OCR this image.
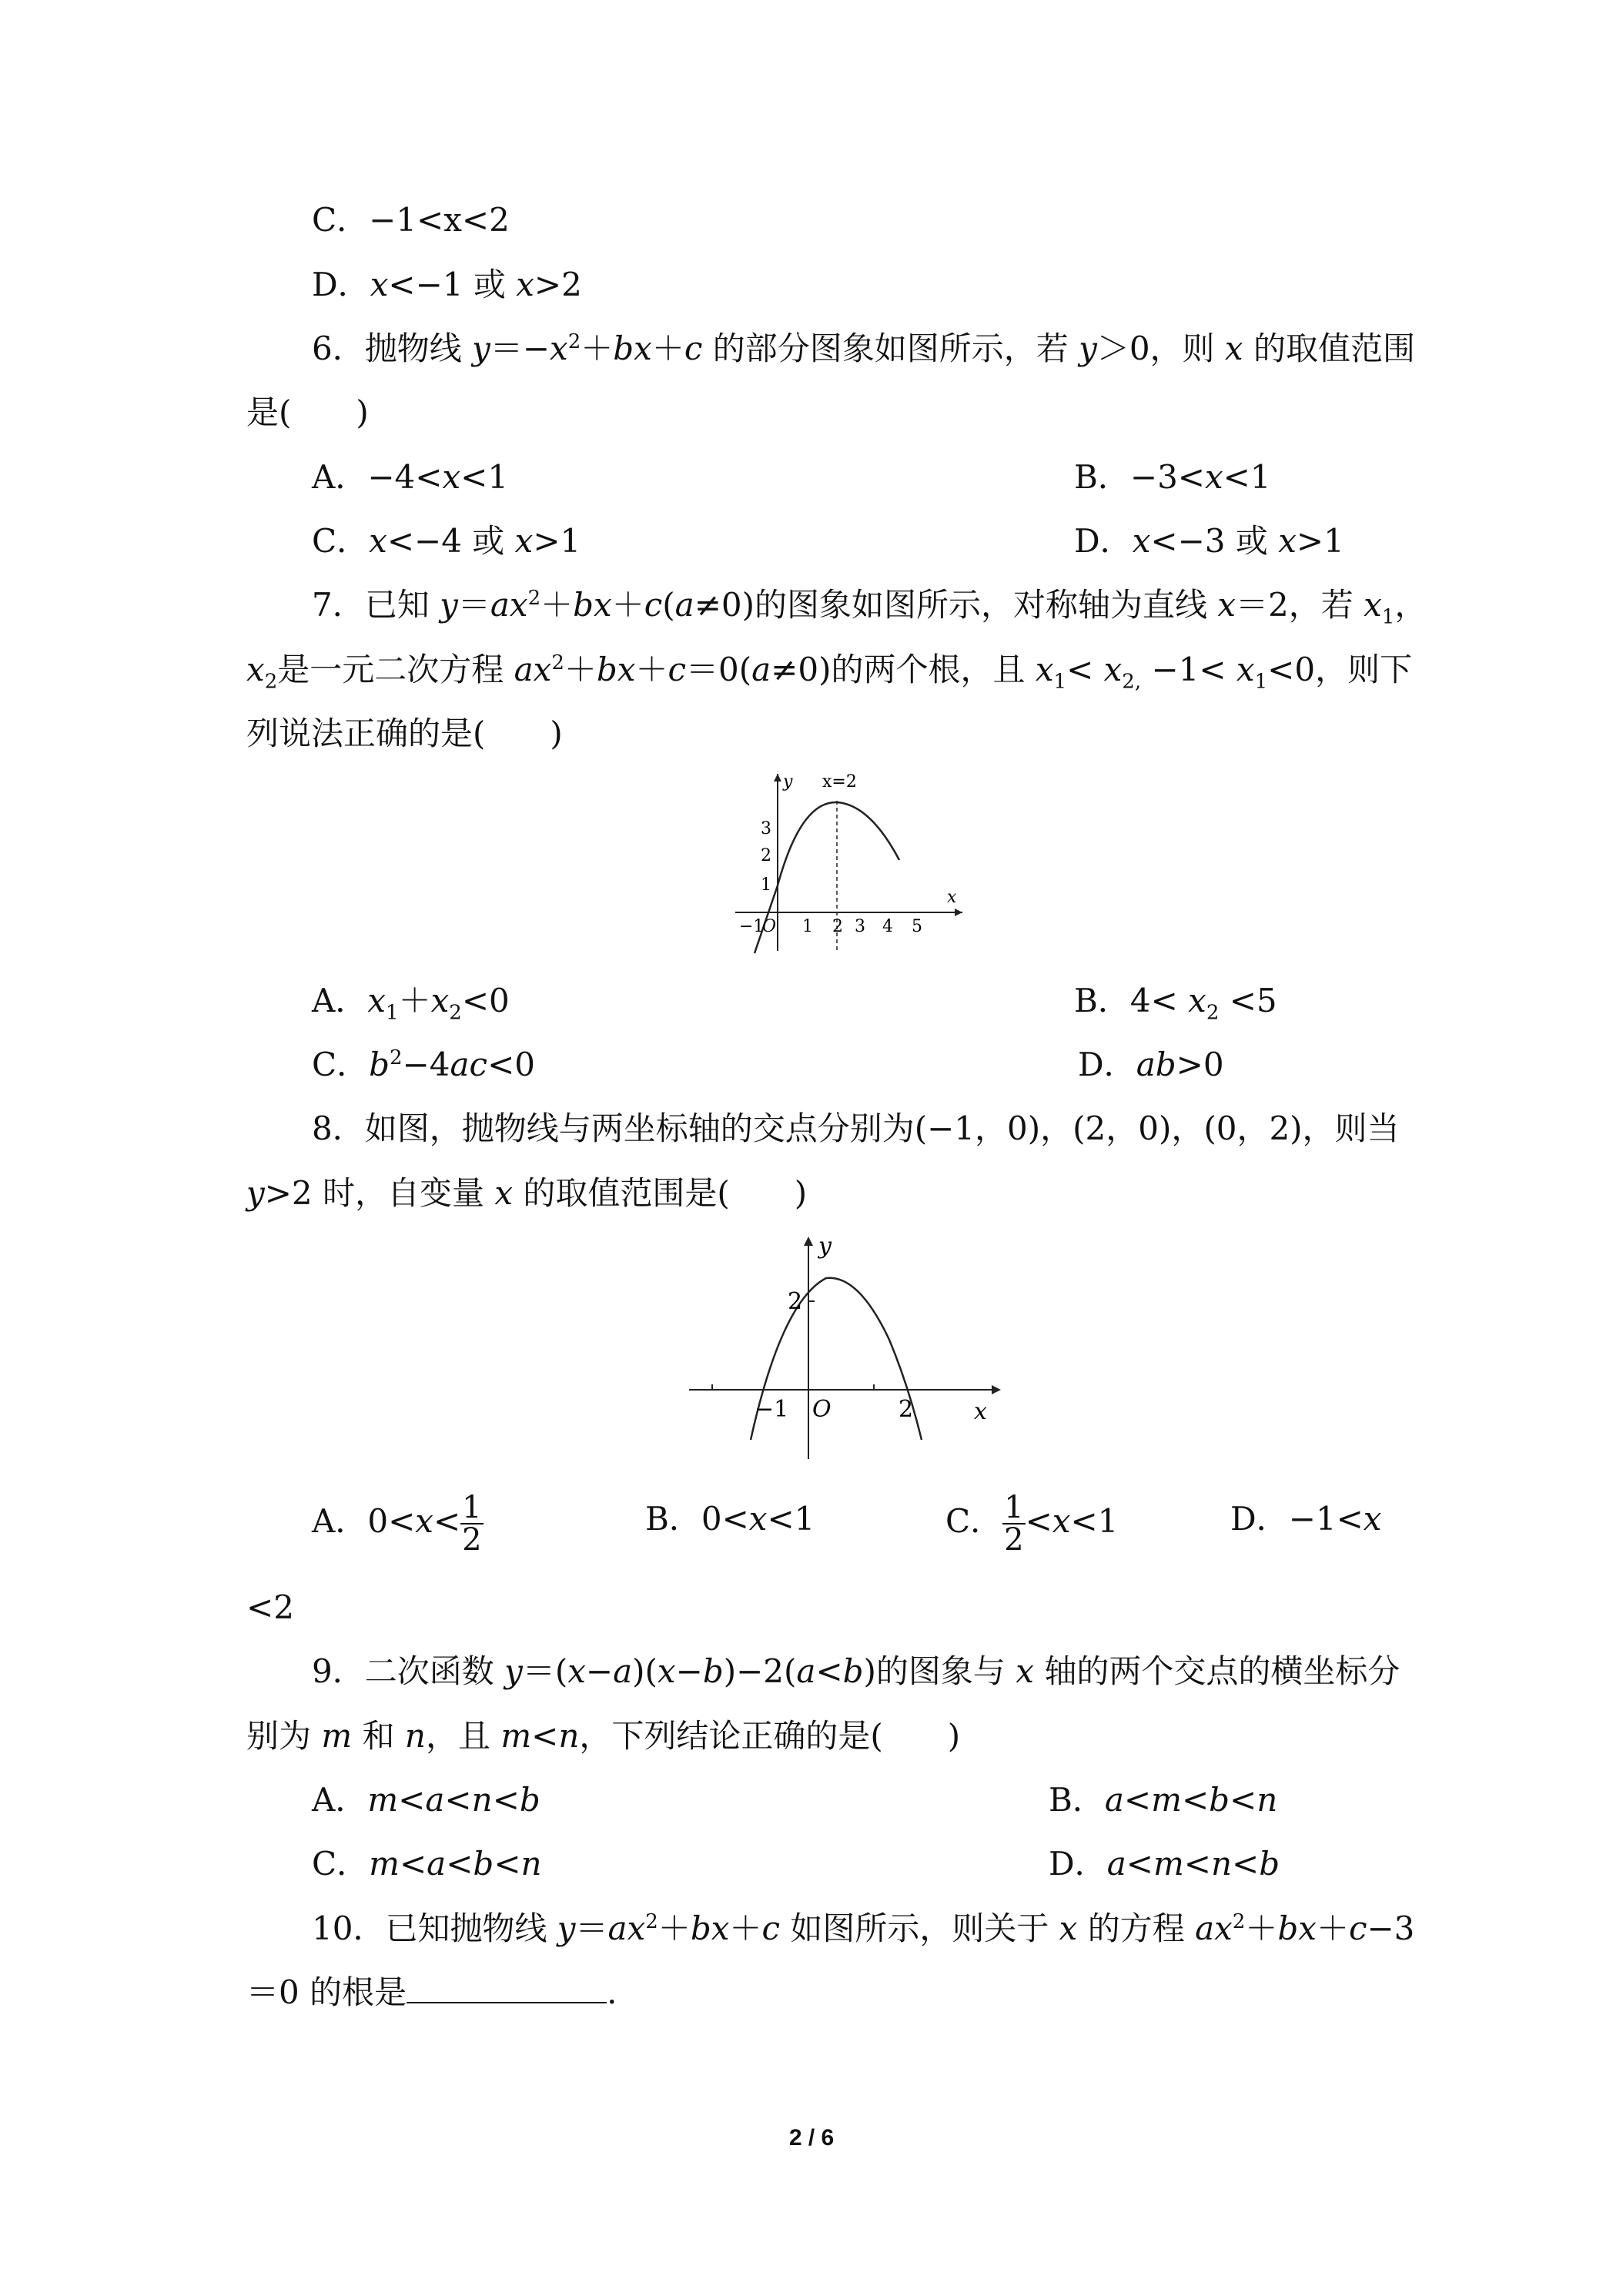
C．−1<x<2
D．x<−1 或 x>2
6．抛物线 $y=-x^2+bx+c$ 的部分图象如图所示，若 y＞0，则 x 的取值范围
是(　　)
A．−4<x<1	B．−3<x<1
C．x<−4 或 x>1	D．x<−3 或 x>1
7．已知 $y=ax^2+bx+c(a\ne 0)$的图象如图所示，对称轴为直线 x＝2，若 $x_1$，
$x_2$是一元二次方程 $ax^2+bx+c=0(a\ne 0)$的两个根，且 $x_1< x_{2,} -1< x_1<0$，则下
列说法正确的是(　　)
y x=2
x
O
−1 1 2 3 4 5
1
2
3
A．$x_1+x_2<0$	B．$4< x_2 <5$
C．$b^2-4ac<0$	D．ab>0
8．如图，抛物线与两坐标轴的交点分别为(−1，0)，(2，0)，(0，2)，则当
y>2 时，自变量 x 的取值范围是(　　)
y
x
O
2
−1	2
A．$0<x< \frac{1}{2}$	B．0<x<1	C． $\frac{1}{2} <x<1$	D．−1<x
<2
9．二次函数 y＝(x−a)(x−b)−2(a<b)的图象与 x 轴的两个交点的横坐标分
别为 m 和 n，且 m<n，下列结论正确的是(　　)
A．m<a<n<b	B．a<m<b<n
C．m<a<b<n	D．a<m<n<b
10．已知抛物线 $y=ax^2+bx+c$ 如图所示，则关于 x 的方程 $ax^2+bx+c-3$
＝0 的根是	.
2 / 6
